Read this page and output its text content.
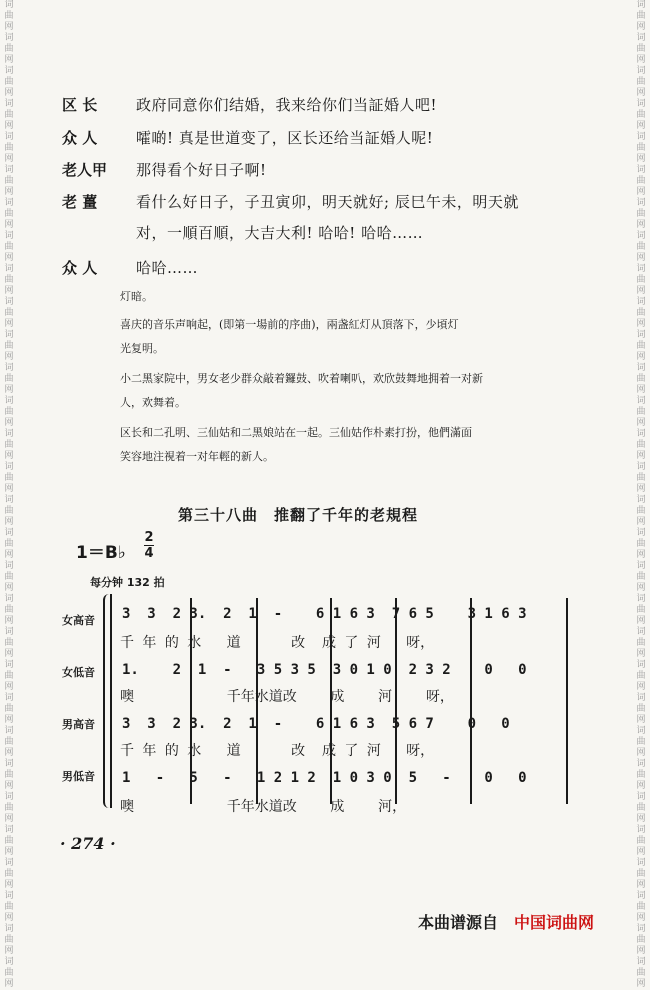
词
曲
网
词
曲
网
词
曲
网
词
曲
网
词
曲
网
词
曲
网
词
曲
网
词
曲
网
词
曲
网
词
曲
网
词
曲
网
词
曲
网
词
曲
网
词
曲
网
词
曲
网
词
曲
网
词
曲
网
词
曲
网
词
曲
网
词
曲
网
词
曲
网
词
曲
网
词
曲
网
词
曲
网
词
曲
网
词
曲
网
词
曲
网
词
曲
网
词
曲
网
词
曲
网
词
曲
网
词
曲
网
词
曲
网
词
曲
网
词
曲
网
词
曲
网
词
曲
网
词
曲
网
词
曲
网
词
曲
网
词
曲
网
词
曲
网
词
曲
网
词
曲
网
词
曲
网
词
曲
网
词
曲
网
词
曲
网
词
曲
网
词
曲
网
词
曲
网
词
曲
网
词
曲
网
词
曲
网
词
曲
网
词
曲
网
词
曲
网
词
曲
网
词
曲
网
词
曲
网
区 长	政府同意你们结婚，我来给你们当証婚人吧!
众 人	嚯啲! 真是世道变了，区长还给当証婚人呢!
老人甲 那得看个好日子啊!
老 薑	看什么好日子，子丑寅卯，明天就好; 辰巳午未，明天就
对，一順百順，大吉大利! 哈哈! 哈哈……
众 人	哈哈……
灯暗。
喜庆的音乐声响起，(即第一場前的序曲)，兩盏紅灯从頂落下，少頃灯
光复明。
小二黑家院中，男女老少群众敲着鑼鼓、吹着喇叭，欢欣鼓舞地拥着一对新
人，欢舞着。
区长和二孔明、三仙姑和二黑娘站在一起。三仙姑作朴素打扮，他們滿面
笑容地注視着一对年輕的新人。
第三十八曲　推翻了千年的老規程
1＝B♭
2
4
每分钟 132 拍
女高音 3  3  2 3.  2  1  -    6 1 6 3  7 6 5    3 1 6 3
千 年 的 水   道      改  成 了 河   呀，
女低音 1.    2  1  -   3 5 3 5  3 0 1 0  2 3 2    0   0
噢           千年水道改    成    河    呀，
男高音 3  3  2 3.  2  1  -    6 1 6 3  5 6 7    0   0
千 年 的 水   道      改  成 了 河   呀，
男低音 1   -   5   -   1 2 1 2  1 0 3 0  5   -    0   0
噢           千年水道改    成    河，
· 274 ·
本曲谱源自 中国词曲网
